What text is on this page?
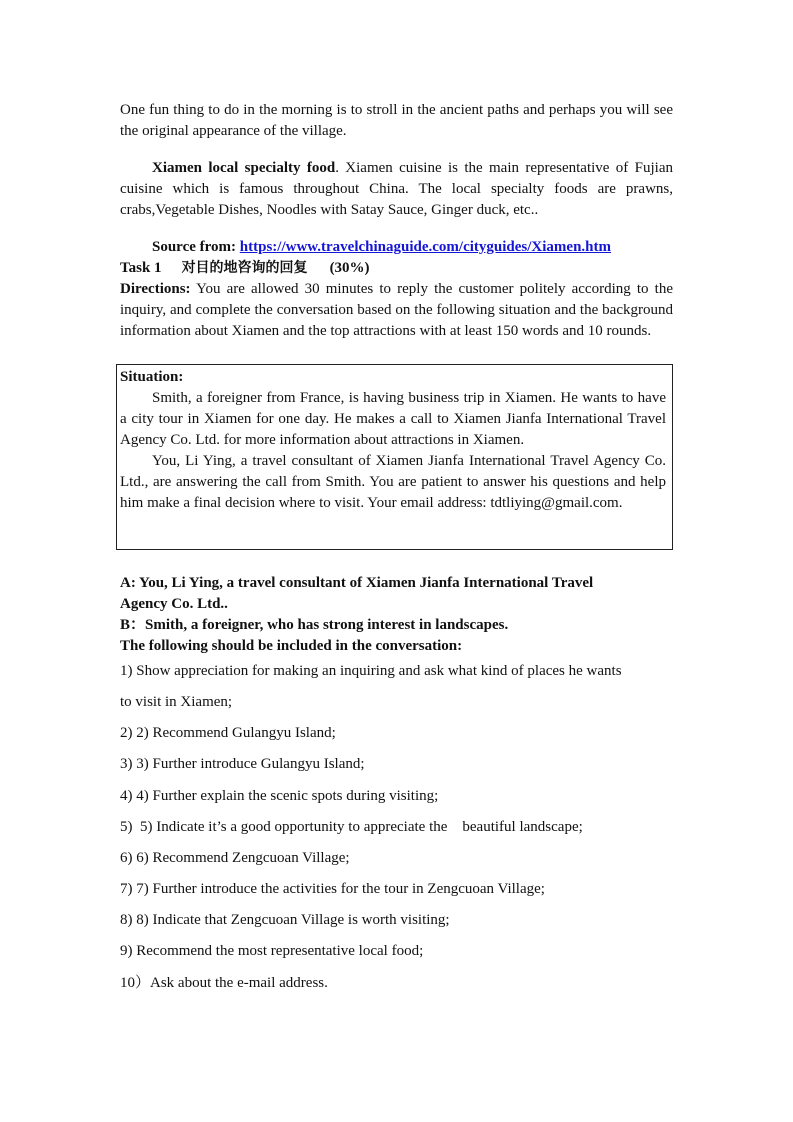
One fun thing to do in the morning is to stroll in the ancient paths and perhaps you will see the original appearance of the village.
Xiamen local specialty food. Xiamen cuisine is the main representative of Fujian cuisine which is famous throughout China. The local specialty foods are prawns, crabs,Vegetable Dishes, Noodles with Satay Sauce, Ginger duck, etc..
Source from: https://www.travelchinaguide.com/cityguides/Xiamen.htm
Task 1 对目的地咨询的回复 (30%)
Directions: You are allowed 30 minutes to reply the customer politely according to the inquiry, and complete the conversation based on the following situation and the background information about Xiamen and the top attractions with at least 150 words and 10 rounds.

Situation:

Smith, a foreigner from France, is having business trip in Xiamen. He wants to have a city tour in Xiamen for one day. He makes a call to Xiamen Jianfa International Travel Agency Co. Ltd. for more information about attractions in Xiamen.

You, Li Ying, a travel consultant of Xiamen Jianfa International Travel Agency Co. Ltd., are answering the call from Smith. You are patient to answer his questions and help him make a final decision where to visit. Your email address: tdtliying@gmail.com.

A: You, Li Ying, a travel consultant of Xiamen Jianfa International Travel Agency Co. Ltd..
B：Smith, a foreigner, who has strong interest in landscapes.
The following should be included in the conversation:
1) Show appreciation for making an inquiring and ask what kind of places he wants
to visit in Xiamen;
2) 2) Recommend Gulangyu Island;
3) 3) Further introduce Gulangyu Island;
4) 4) Further explain the scenic spots during visiting;
5)  5) Indicate it’s a good opportunity to appreciate the    beautiful landscape;
6) 6) Recommend Zengcuoan Village;
7) 7) Further introduce the activities for the tour in Zengcuoan Village;
8) 8) Indicate that Zengcuoan Village is worth visiting;
9) Recommend the most representative local food;
10）Ask about the e-mail address.
